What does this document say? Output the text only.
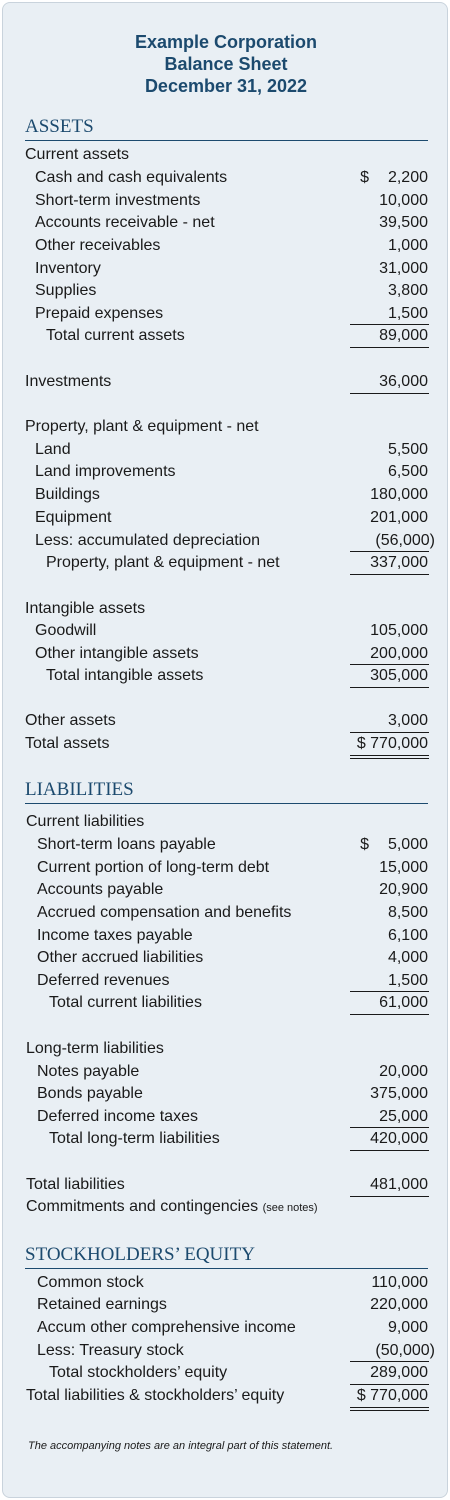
Example Corporation
Balance Sheet
December 31, 2022
ASSETS
LIABILITIES
STOCKHOLDERS’ EQUITY
Current assets
Cash and cash equivalents	$ 2,200
Short-term investments	10,000
Accounts receivable - net	39,500
Other receivables	1,000
Inventory	31,000
Supplies	3,800
Prepaid expenses	1,500
Total current assets	89,000
Investments	36,000
Property, plant & equipment - net
Land	5,500
Land improvements	6,500
Buildings	180,000
Equipment	201,000
Less: accumulated depreciation	(56,000)
Property, plant & equipment - net	337,000
Intangible assets
Goodwill	105,000
Other intangible assets	200,000
Total intangible assets	305,000
Other assets	3,000
Total assets	$ 770,000
Current liabilities
Short-term loans payable	$ 5,000
Current portion of long-term debt	15,000
Accounts payable	20,900
Accrued compensation and benefits	8,500
Income taxes payable	6,100
Other accrued liabilities	4,000
Deferred revenues	1,500
Total current liabilities	61,000
Long-term liabilities
Notes payable	20,000
Bonds payable	375,000
Deferred income taxes	25,000
Total long-term liabilities	420,000
Total liabilities	481,000
Commitments and contingencies (see notes)
Common stock	110,000
Retained earnings	220,000
Accum other comprehensive income	9,000
Less: Treasury stock	(50,000)
Total stockholders’ equity	289,000
Total liabilities & stockholders’ equity	$ 770,000
The accompanying notes are an integral part of this statement.
